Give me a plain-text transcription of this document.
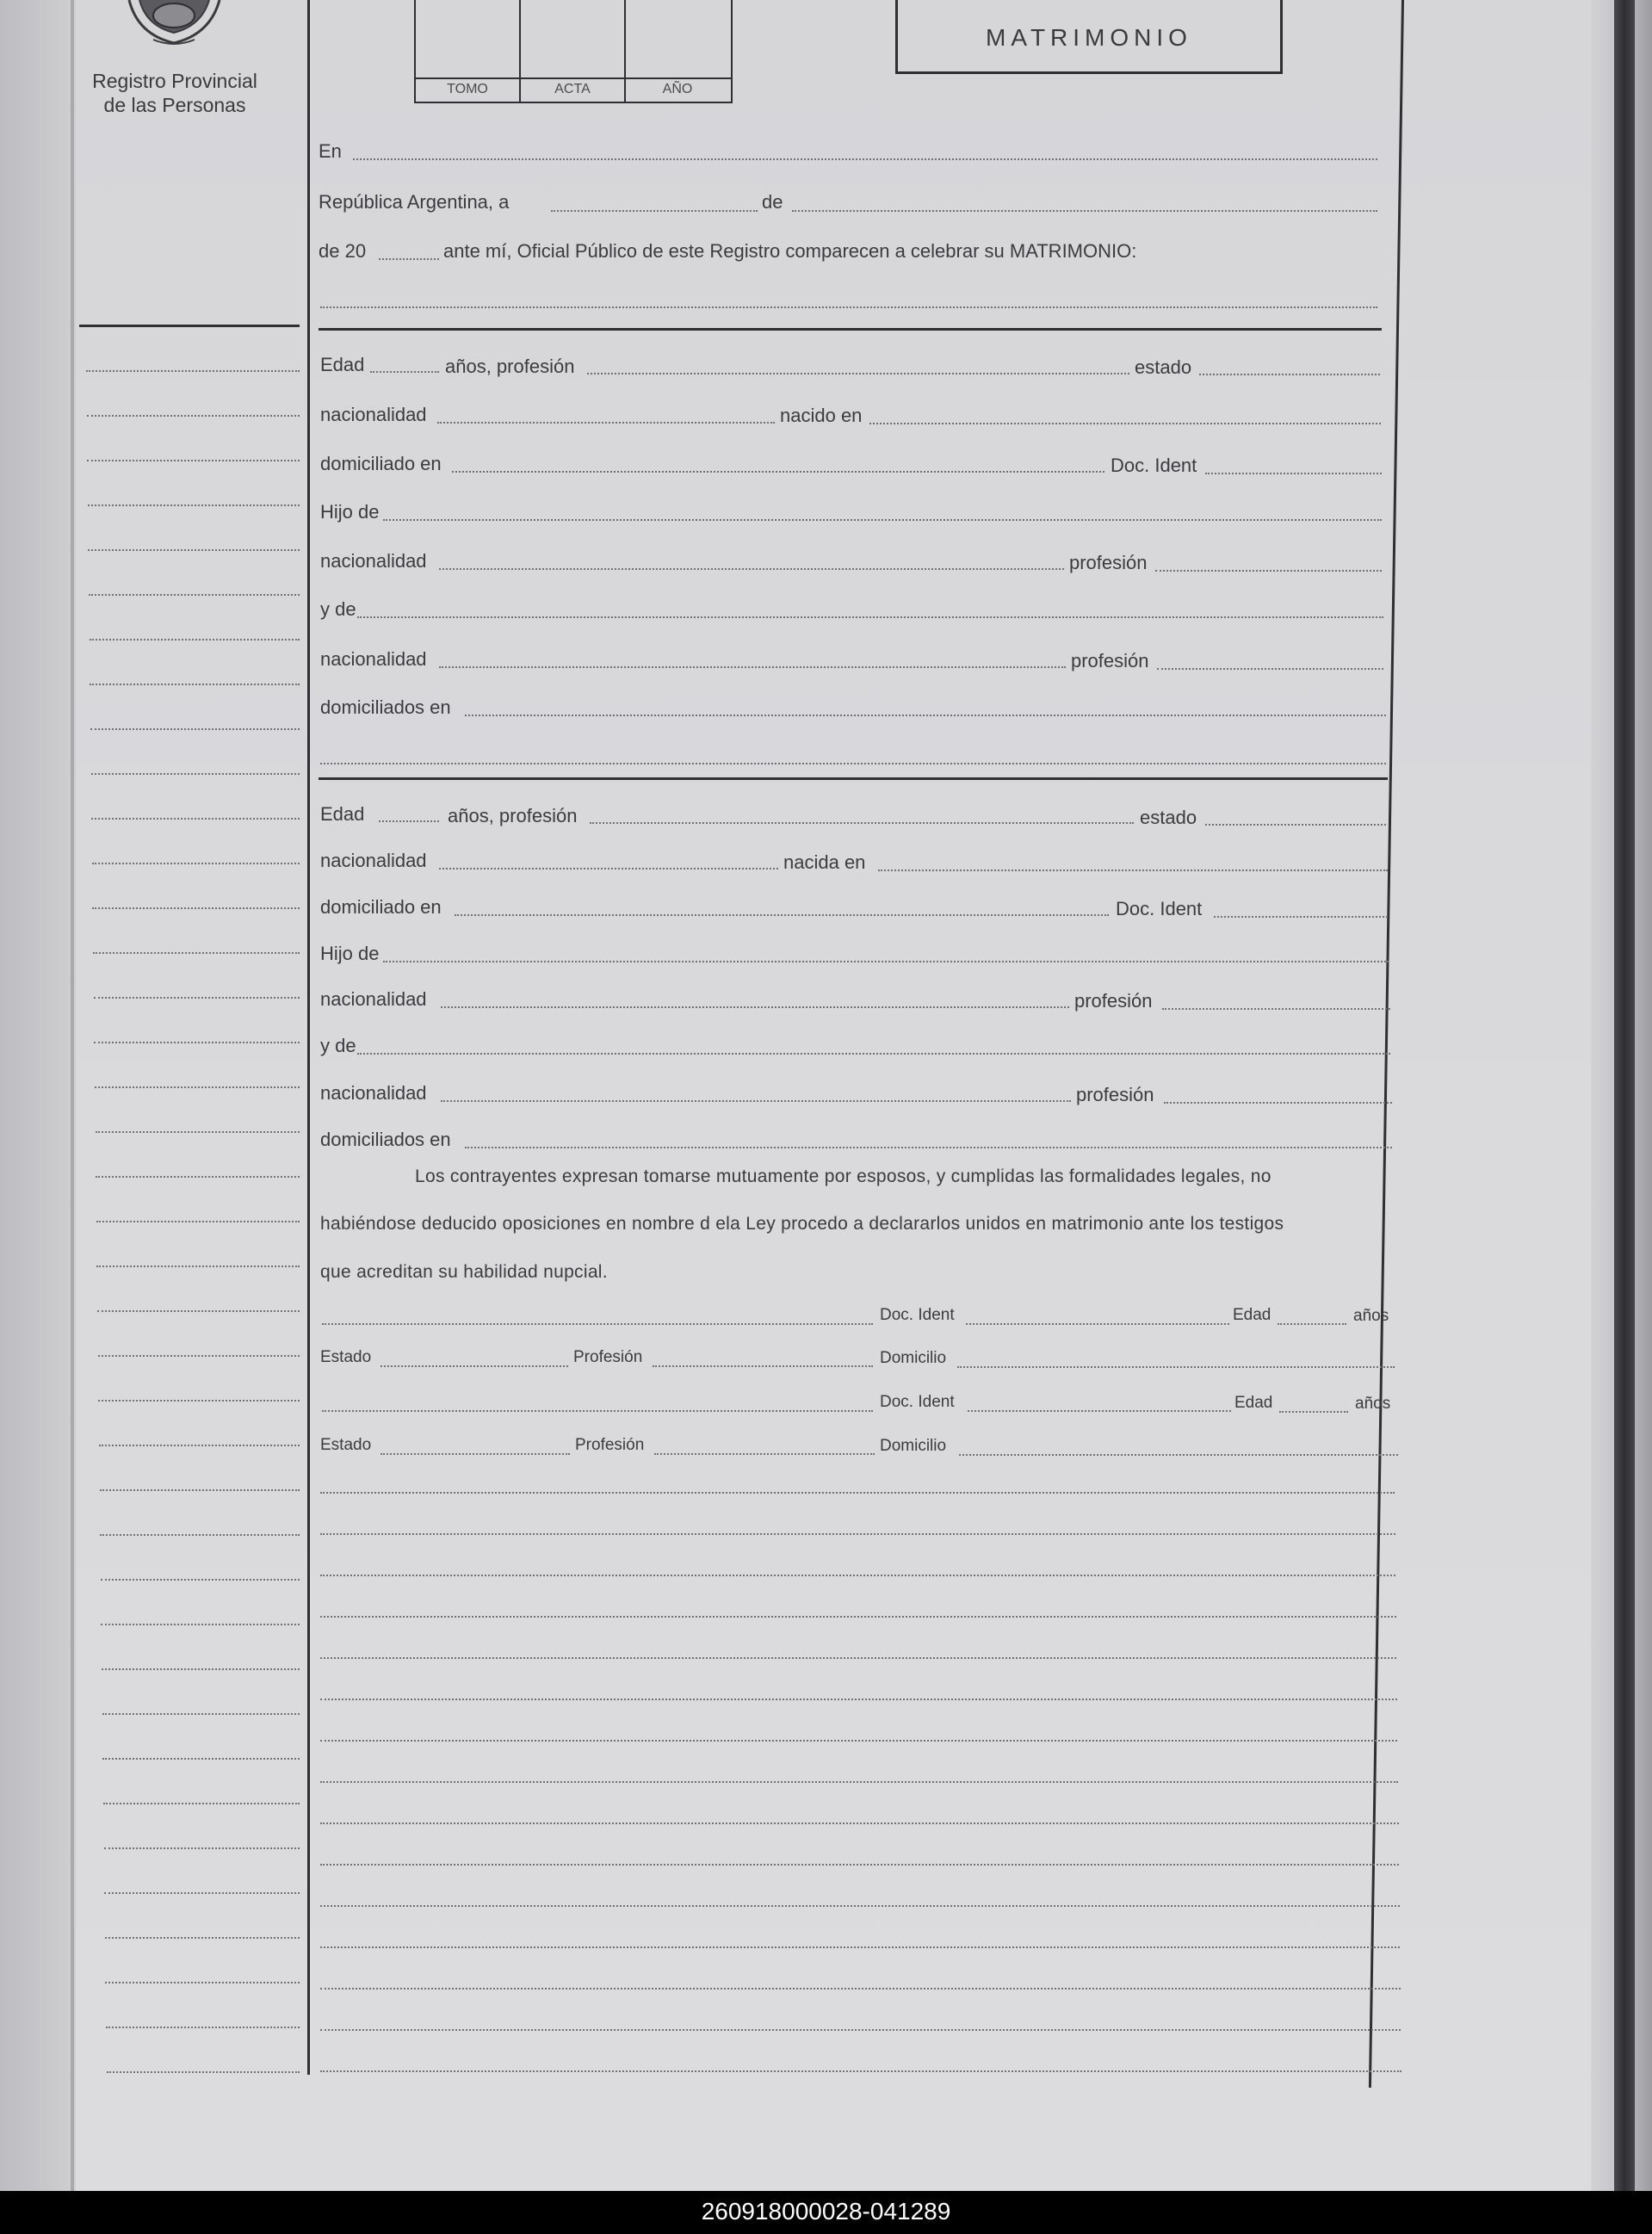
Registro Provincial
de las Personas
TOMO	ACTA	AÑO
MATRIMONIO
En
República Argentina, a	de
de 20	ante mí, Oficial Público de este Registro comparecen a celebrar su MATRIMONIO:
Edad	años, profesión	estado
nacionalidad	nacido en
domiciliado en	Doc. Ident
Hijo de
nacionalidad	profesión
y de
nacionalidad	profesión
domiciliados en
Edad	años, profesión	estado
nacionalidad	nacida en
domiciliado en	Doc. Ident
Hijo de
nacionalidad	profesión
y de
nacionalidad	profesión
domiciliados en
Los contrayentes expresan tomarse mutuamente por esposos, y cumplidas las formalidades legales, no
habiéndose deducido oposiciones en nombre d ela Ley procedo a declararlos unidos en matrimonio ante los testigos
que acreditan su habilidad nupcial.
Doc. Ident	Edad	años
Estado	Profesión	Domicilio
Doc. Ident	Edad	años
Estado	Profesión	Domicilio
260918000028-041289
